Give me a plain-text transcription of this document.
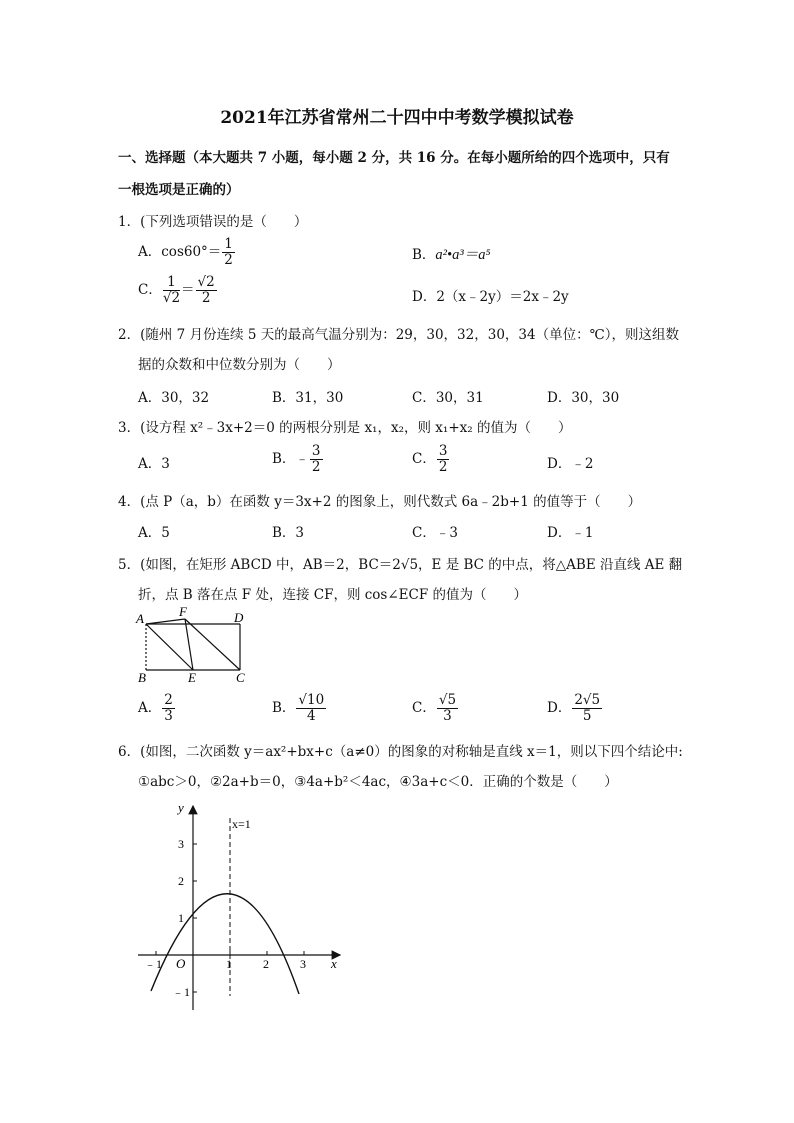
2021年江苏省常州二十四中中考数学模拟试卷
一、选择题（本大题共 7 小题，每小题 2 分，共 16 分。在每小题所给的四个选项中，只有
一根选项是正确的）
1．(下列选项错误的是（　　）
A．$\cos 60^\circ= \frac{1}{2}$	B．a²•a³＝a⁵
C． $\frac{1}{√2} = \frac{√2}{2}$	D．2（x﹣2y）＝2x﹣2y
2．(随州 7 月份连续 5 天的最高气温分别为：29，30，32，30，34（单位：℃），则这组数
据的众数和中位数分别为（　　）
A．30，32	B．31，30	C．30，31	D．30，30
3．(设方程 x²﹣3x+2＝0 的两根分别是 x₁，x₂，则 x₁+x₂ 的值为（　　）
A．3	B．﹣ $\frac{3}{2}$	C． $\frac{3}{2}$	D．﹣2
4．(点 P（a，b）在函数 y＝3x+2 的图象上，则代数式 6a﹣2b+1 的值等于（　　）
A．5	B．3	C．﹣3	D．﹣1
5．(如图，在矩形 ABCD 中，AB＝2，BC＝2√5，E 是 BC 的中点，将△ABE 沿直线 AE 翻
折，点 B 落在点 F 处，连接 CF，则 cos∠ECF 的值为（　　）
A	F	D
B	E	C
A． $\frac{2}{3}$	B． $\frac{√10}{4}$	C． $\frac{√5}{3}$	D． $\frac{2√5}{5}$
6．(如图，二次函数 y＝ax²+bx+c（a≠0）的图象的对称轴是直线 x＝1，则以下四个结论中:
①abc＞0，②2a+b＝0，③4a+b²＜4ac，④3a+c＜0．正确的个数是（　　）
x
y
O
x=1
﹣1	1	2	3
3
2
1
﹣1
